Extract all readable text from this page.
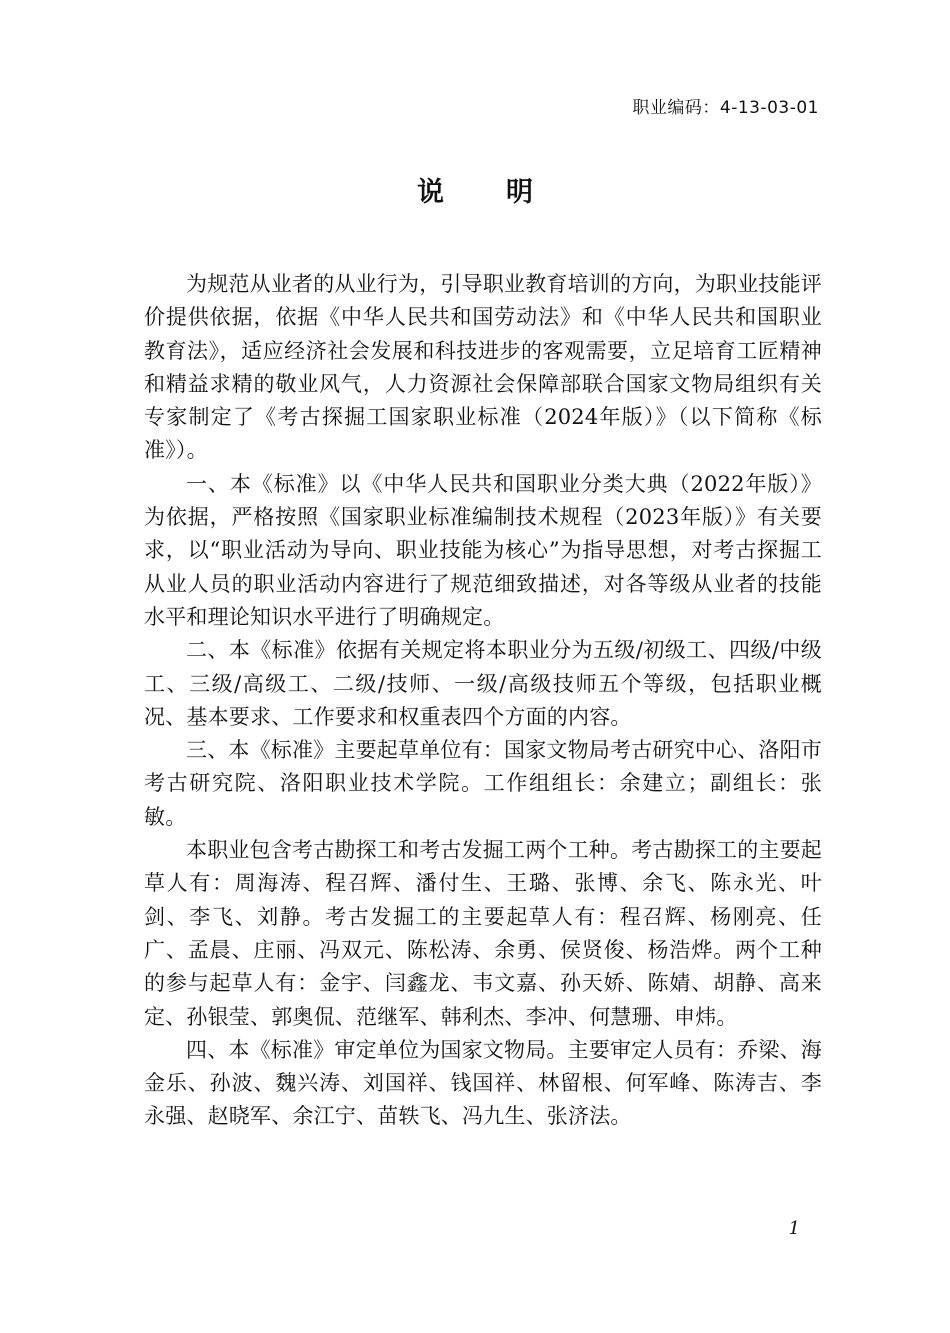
职业编码：4-13-03-01
说明

为规范从业者的从业行为，引导职业教育培训的方向，为职业技能评价提供依据，依据《中华人民共和国劳动法》和《中华人民共和国职业教育法》，适应经济社会发展和科技进步的客观需要，立足培育工匠精神和精益求精的敬业风气，人力资源社会保障部联合国家文物局组织有关专家制定了《考古探掘工国家职业标准（2024年版）》（以下简称《标准》）。

一、本《标准》以《中华人民共和国职业分类大典（2022年版）》为依据，严格按照《国家职业标准编制技术规程（2023年版）》有关要求，以“职业活动为导向、职业技能为核心”为指导思想，对考古探掘工从业人员的职业活动内容进行了规范细致描述，对各等级从业者的技能水平和理论知识水平进行了明确规定。

二、本《标准》依据有关规定将本职业分为五级/初级工、四级/中级工、三级/高级工、二级/技师、一级/高级技师五个等级，包括职业概况、基本要求、工作要求和权重表四个方面的内容。

三、本《标准》主要起草单位有：国家文物局考古研究中心、洛阳市考古研究院、洛阳职业技术学院。工作组组长：余建立；副组长：张敏。

本职业包含考古勘探工和考古发掘工两个工种。考古勘探工的主要起草人有：周海涛、程召辉、潘付生、王璐、张博、余飞、陈永光、叶剑、李飞、刘静。考古发掘工的主要起草人有：程召辉、杨刚亮、任广、孟晨、庄丽、冯双元、陈松涛、余勇、侯贤俊、杨浩烨。两个工种的参与起草人有：金宇、闫鑫龙、韦文嘉、孙天娇、陈婧、胡静、高来定、孙银莹、郭奥侃、范继军、韩利杰、李冲、何慧珊、申炜。

四、本《标准》审定单位为国家文物局。主要审定人员有：乔梁、海金乐、孙波、魏兴涛、刘国祥、钱国祥、林留根、何军峰、陈涛吉、李永强、赵晓军、余江宁、苗轶飞、冯九生、张济法。

1
